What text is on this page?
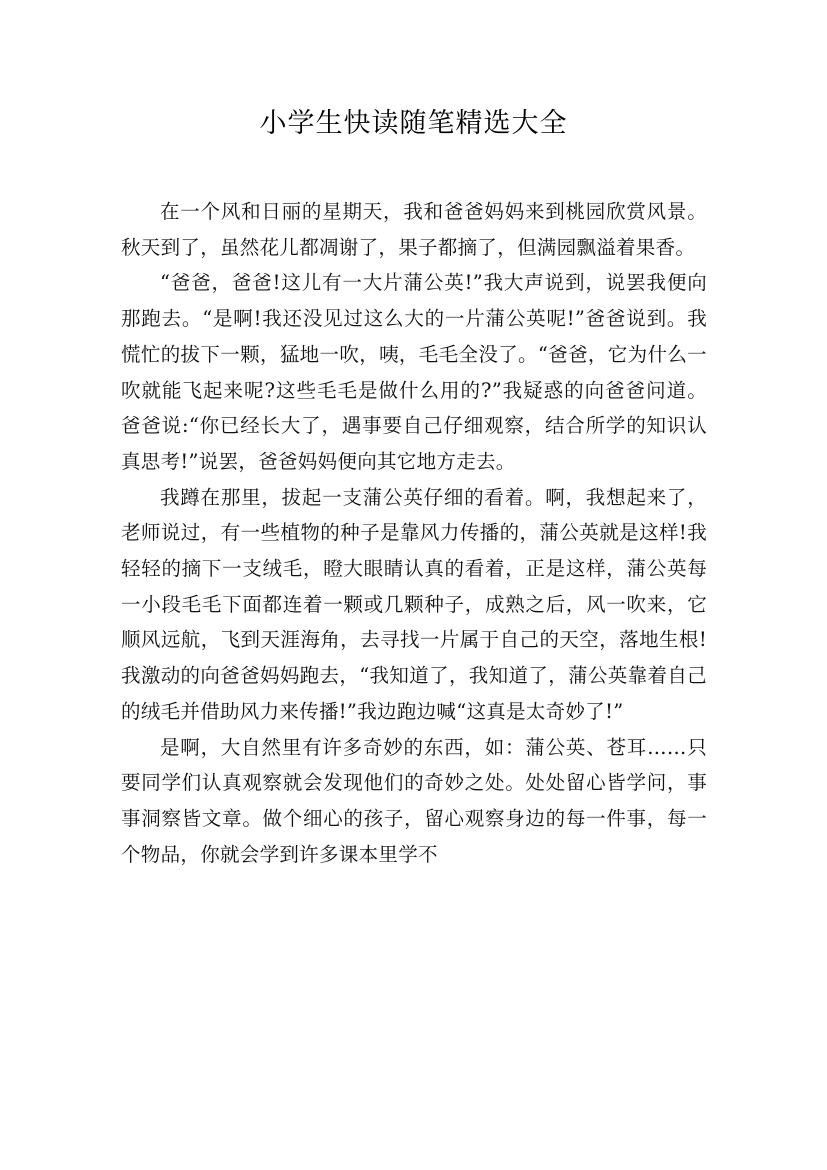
小学生快读随笔精选大全

在一个风和日丽的星期天，我和爸爸妈妈来到桃园欣赏风景。秋天到了，虽然花儿都凋谢了，果子都摘了，但满园飘溢着果香。

“爸爸，爸爸!这儿有一大片蒲公英!”我大声说到，说罢我便向那跑去。“是啊!我还没见过这么大的一片蒲公英呢!”爸爸说到。我慌忙的拔下一颗，猛地一吹，咦，毛毛全没了。“爸爸，它为什么一吹就能飞起来呢?这些毛毛是做什么用的?”我疑惑的向爸爸问道。爸爸说:“你已经长大了，遇事要自己仔细观察，结合所学的知识认真思考!”说罢，爸爸妈妈便向其它地方走去。

我蹲在那里，拔起一支蒲公英仔细的看着。啊，我想起来了，老师说过，有一些植物的种子是靠风力传播的，蒲公英就是这样!我轻轻的摘下一支绒毛，瞪大眼睛认真的看着，正是这样，蒲公英每一小段毛毛下面都连着一颗或几颗种子，成熟之后，风一吹来，它顺风远航，飞到天涯海角，去寻找一片属于自己的天空，落地生根!我激动的向爸爸妈妈跑去，“我知道了，我知道了，蒲公英靠着自己的绒毛并借助风力来传播!”我边跑边喊“这真是太奇妙了!”

是啊，大自然里有许多奇妙的东西，如：蒲公英、苍耳……只要同学们认真观察就会发现他们的奇妙之处。处处留心皆学问，事事洞察皆文章。做个细心的孩子，留心观察身边的每一件事，每一个物品，你就会学到许多课本里学不
